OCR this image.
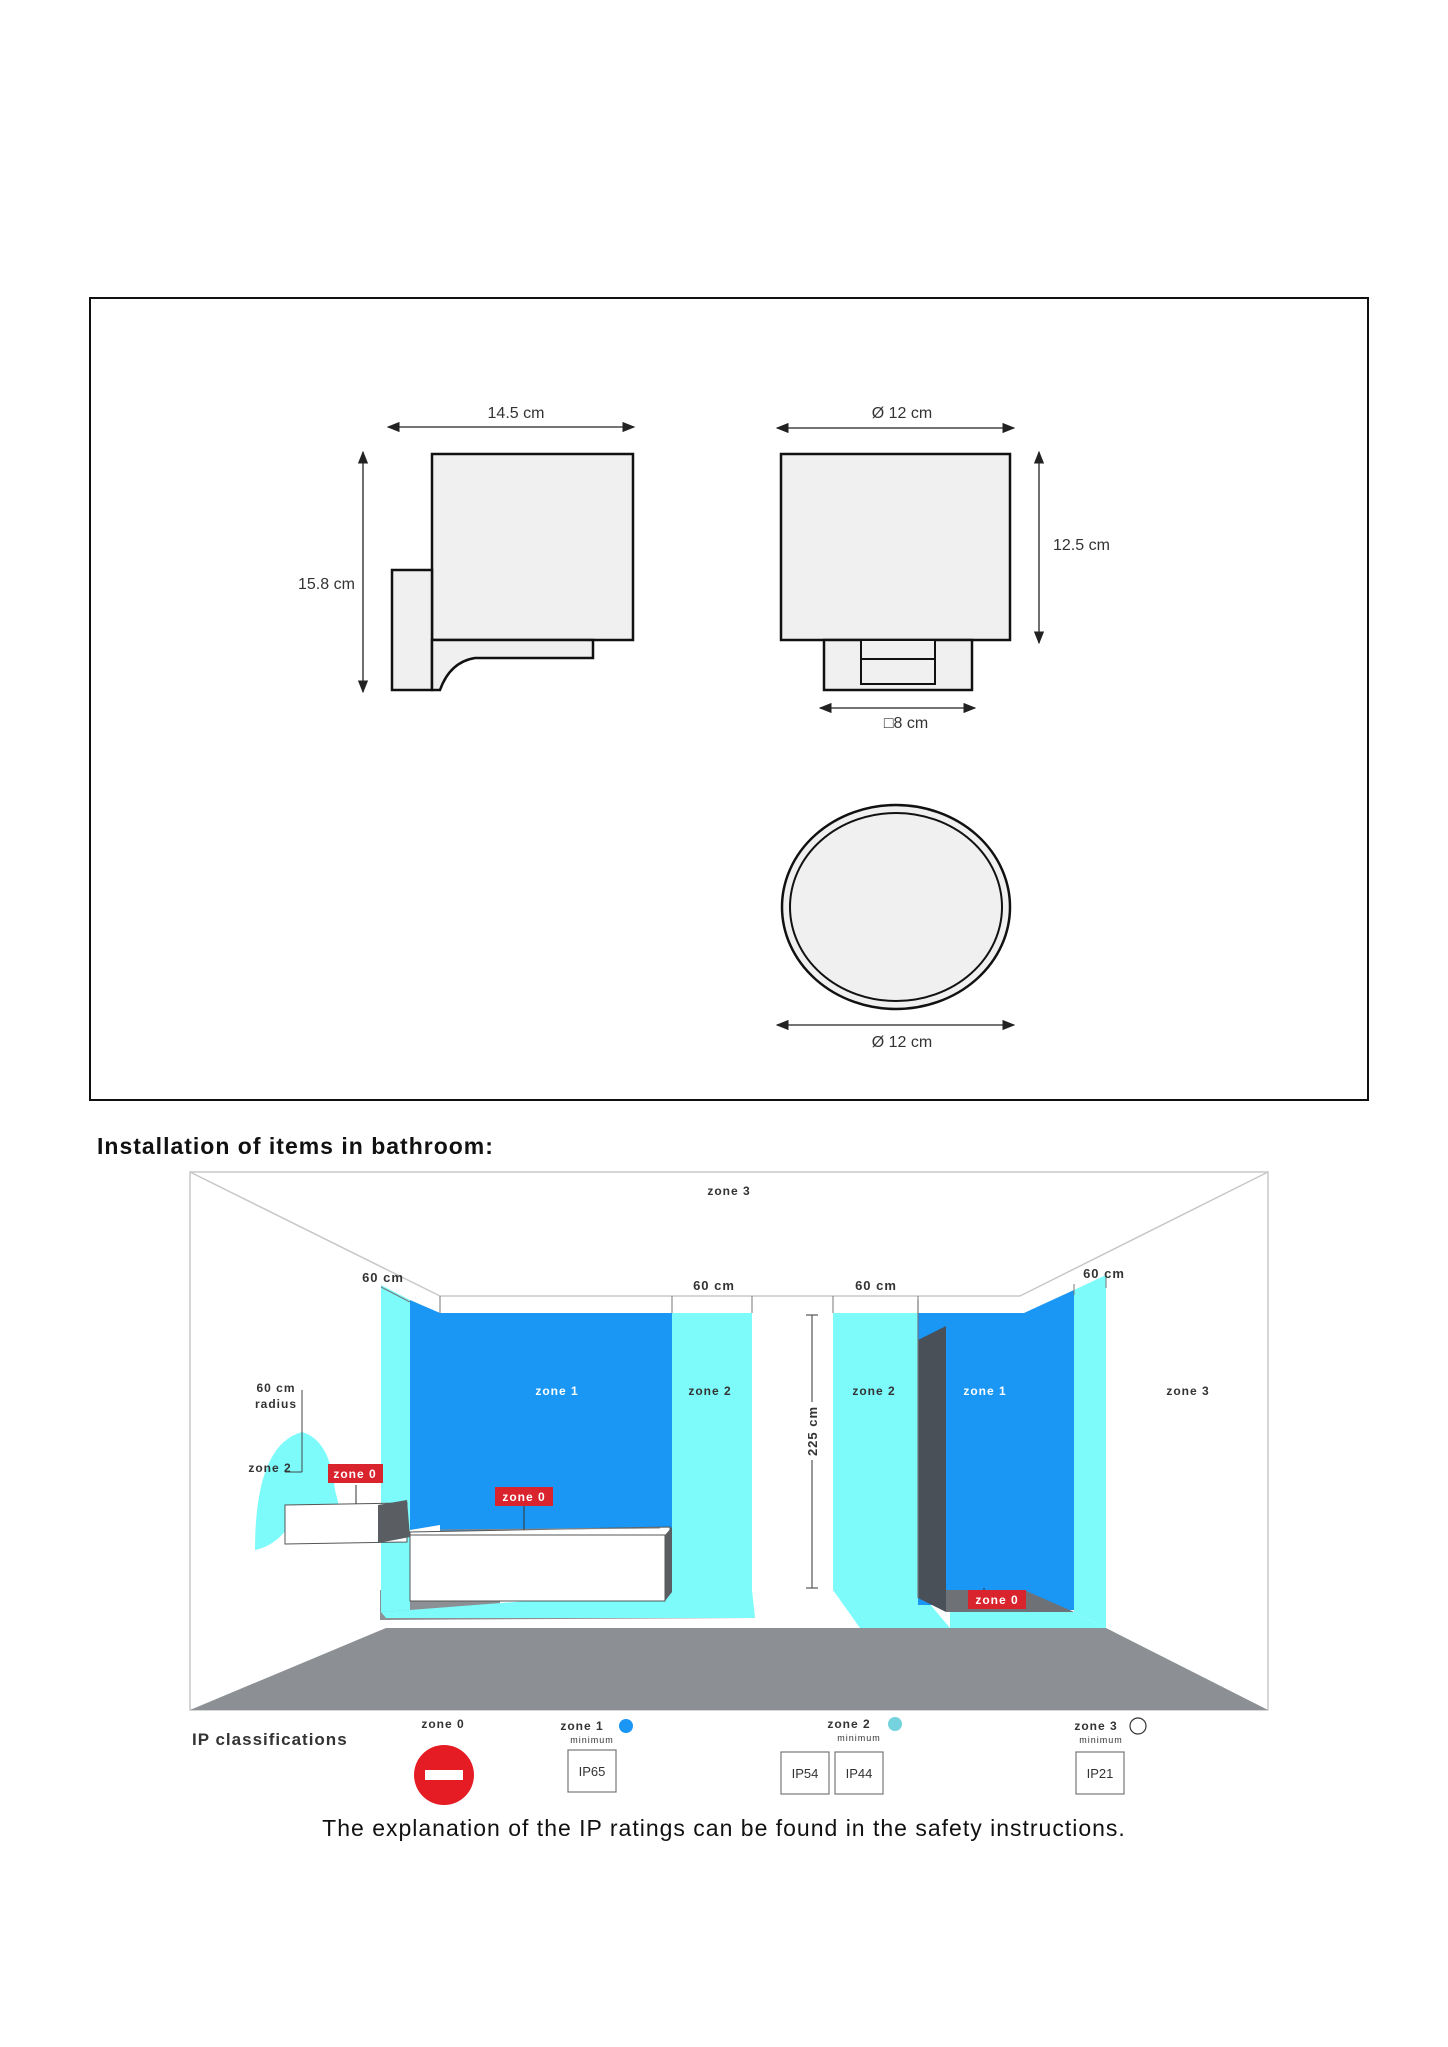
14.5 cm
15.8 cm
Ø 12 cm
12.5 cm
□8 cm
Ø 12 cm
Installation of items in bathroom:
zone 3
zone 3
zone 1	zone 2	zone 2	zone 1
zone 2
60 cm
60 cm	60 cm
60 cm
60 cm
radius
225 cm
zone 0
zone 0
zone 0
IP classifications
zone 0	zone 1
minimum
IP65
zone 2
minimum
IP54 IP44
zone 3
minimum
IP21
The explanation of the IP ratings can be found in the safety instructions.
